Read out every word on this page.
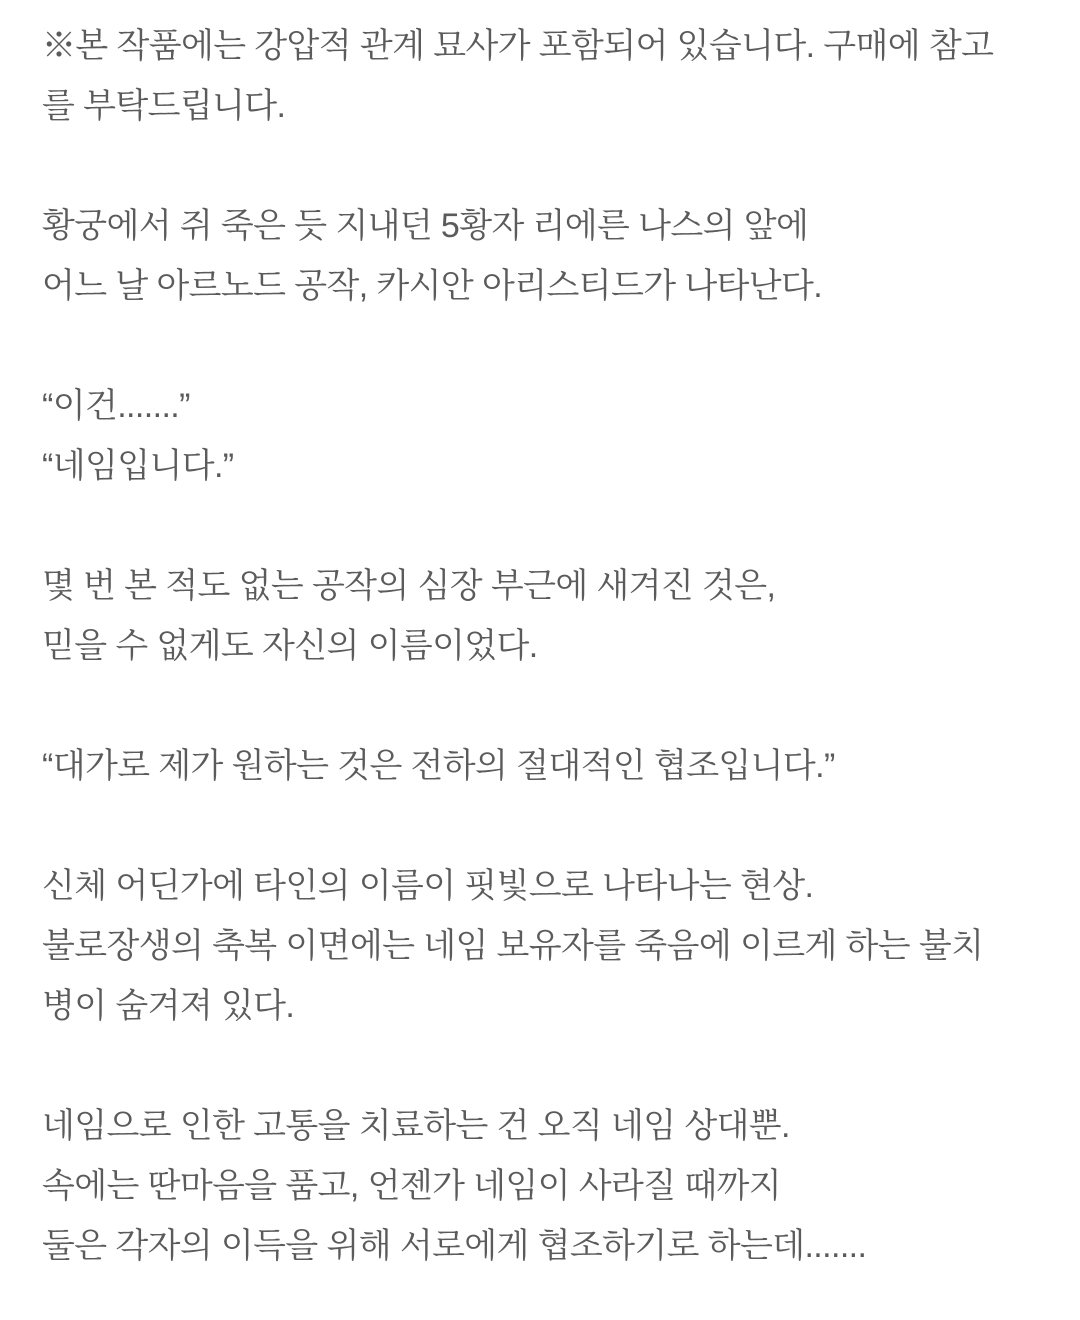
※본 작품에는 강압적 관계 묘사가 포함되어 있습니다. 구매에 참고
를 부탁드립니다.

황궁에서 쥐 죽은 듯 지내던 5황자 리에른 나스의 앞에
어느 날 아르노드 공작, 카시안 아리스티드가 나타난다.

“이건.......”
“네임입니다.”

몇 번 본 적도 없는 공작의 심장 부근에 새겨진 것은,
믿을 수 없게도 자신의 이름이었다.

“대가로 제가 원하는 것은 전하의 절대적인 협조입니다.”

신체 어딘가에 타인의 이름이 핏빛으로 나타나는 현상.
불로장생의 축복 이면에는 네임 보유자를 죽음에 이르게 하는 불치
병이 숨겨져 있다.

네임으로 인한 고통을 치료하는 건 오직 네임 상대뿐.
속에는 딴마음을 품고, 언젠가 네임이 사라질 때까지
둘은 각자의 이득을 위해 서로에게 협조하기로 하는데.......
